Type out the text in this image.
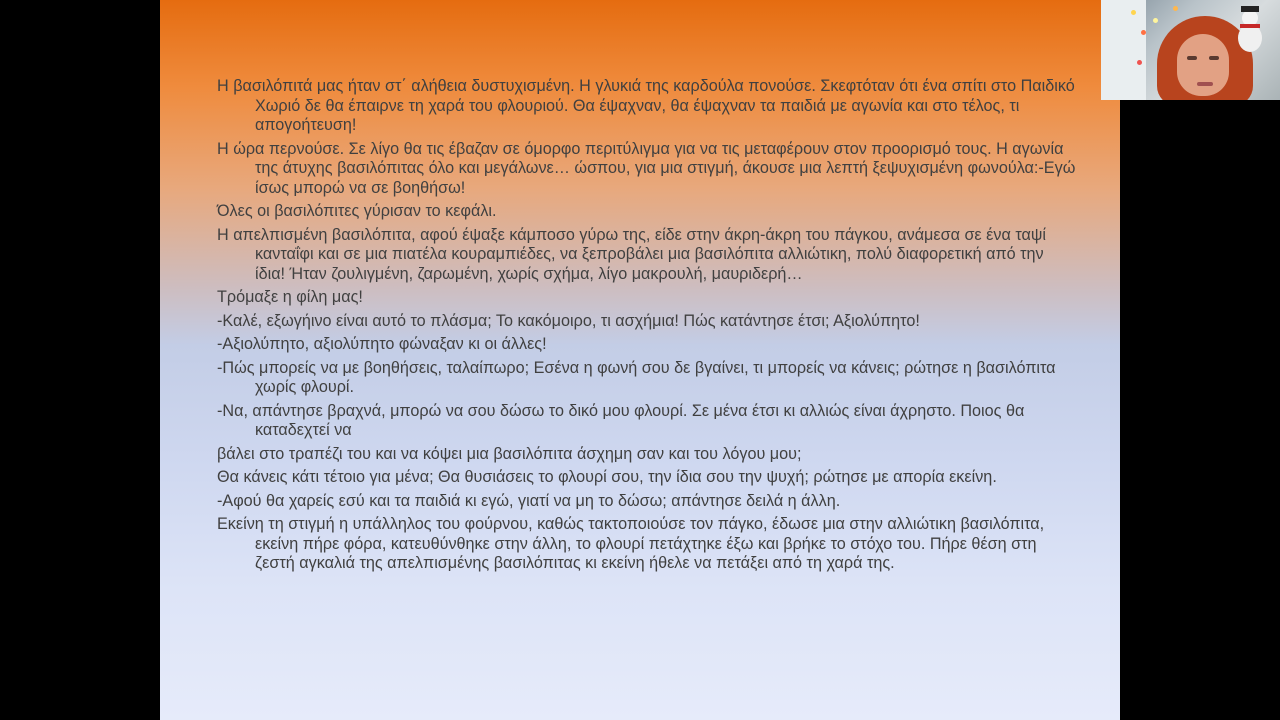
Η βασιλόπιτά μας ήταν στ΄ αλήθεια δυστυχισμένη. Η γλυκιά της καρδούλα πονούσε. Σκεφτόταν ότι ένα σπίτι στο Παιδικό Χωριό δε θα έπαιρνε τη χαρά του φλουριού. Θα έψαχναν, θα έψαχναν τα παιδιά με αγωνία και στο τέλος, τι απογοήτευση!

Η ώρα περνούσε. Σε λίγο θα τις έβαζαν σε όμορφο περιτύλιγμα για να τις μεταφέρουν στον προορισμό τους. Η αγωνία της άτυχης βασιλόπιτας όλο και μεγάλωνε… ώσπου, για μια στιγμή, άκουσε μια λεπτή ξεψυχισμένη φωνούλα:-Εγώ ίσως μπορώ να σε βοηθήσω!

Όλες οι βασιλόπιτες γύρισαν το κεφάλι.

Η απελπισμένη βασιλόπιτα, αφού έψαξε κάμποσο γύρω της, είδε στην άκρη-άκρη του πάγκου, ανάμεσα σε ένα ταψί κανταΐφι και σε μια πιατέλα κουραμπιέδες, να ξεπροβάλει μια βασιλόπιτα αλλιώτικη, πολύ διαφορετική από την ίδια! Ήταν ζουλιγμένη, ζαρωμένη, χωρίς σχήμα, λίγο μακρουλή, μαυριδερή…

Τρόμαξε η φίλη μας!

-Καλέ, εξωγήινο είναι αυτό το πλάσμα; Το κακόμοιρο, τι ασχήμια! Πώς κατάντησε έτσι; Αξιολύπητο!

-Αξιολύπητο, αξιολύπητο φώναξαν κι οι άλλες!

-Πώς μπορείς να με βοηθήσεις, ταλαίπωρο; Εσένα η φωνή σου δε βγαίνει, τι μπορείς να κάνεις; ρώτησε η βασιλόπιτα χωρίς φλουρί.

-Να, απάντησε βραχνά, μπορώ να σου δώσω το δικό μου φλουρί. Σε μένα έτσι κι αλλιώς είναι άχρηστο. Ποιος θα καταδεχτεί να

βάλει στο τραπέζι του και να κόψει μια βασιλόπιτα άσχημη σαν και του λόγου μου;

Θα κάνεις κάτι τέτοιο για μένα; Θα θυσιάσεις το φλουρί σου, την ίδια σου την ψυχή; ρώτησε με απορία εκείνη.

-Αφού θα χαρείς εσύ και τα παιδιά κι εγώ, γιατί να μη το δώσω; απάντησε δειλά η άλλη.

Εκείνη τη στιγμή η υπάλληλος του φούρνου, καθώς τακτοποιούσε τον πάγκο, έδωσε μια στην αλλιώτικη βασιλόπιτα, εκείνη πήρε φόρα, κατευθύνθηκε στην άλλη, το φλουρί πετάχτηκε έξω και βρήκε το στόχο του. Πήρε θέση στη ζεστή αγκαλιά της απελπισμένης βασιλόπιτας κι εκείνη ήθελε να πετάξει από τη χαρά της.
